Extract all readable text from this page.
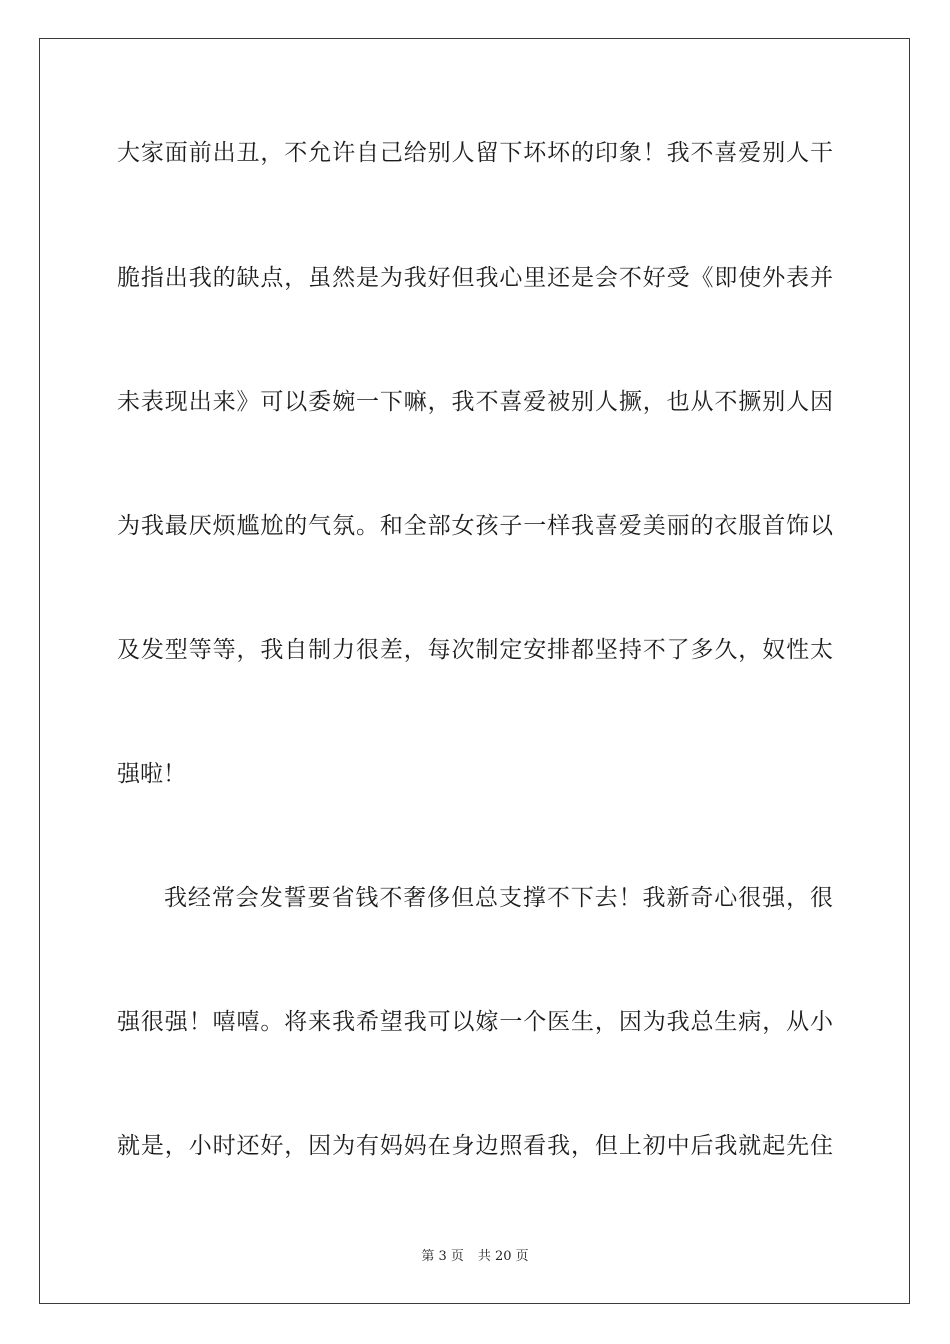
大家面前出丑，不允许自己给别人留下坏坏的印象！我不喜爱别人干
脆指出我的缺点，虽然是为我好但我心里还是会不好受《即使外表并
未表现出来》可以委婉一下嘛，我不喜爱被别人撅，也从不撅别人因
为我最厌烦尴尬的气氛。和全部女孩子一样我喜爱美丽的衣服首饰以
及发型等等，我自制力很差，每次制定安排都坚持不了多久，奴性太
强啦！
我经常会发誓要省钱不奢侈但总支撑不下去！我新奇心很强，很
强很强！嘻嘻。将来我希望我可以嫁一个医生，因为我总生病，从小
就是，小时还好，因为有妈妈在身边照看我，但上初中后我就起先住
第 3 页 共 20 页
